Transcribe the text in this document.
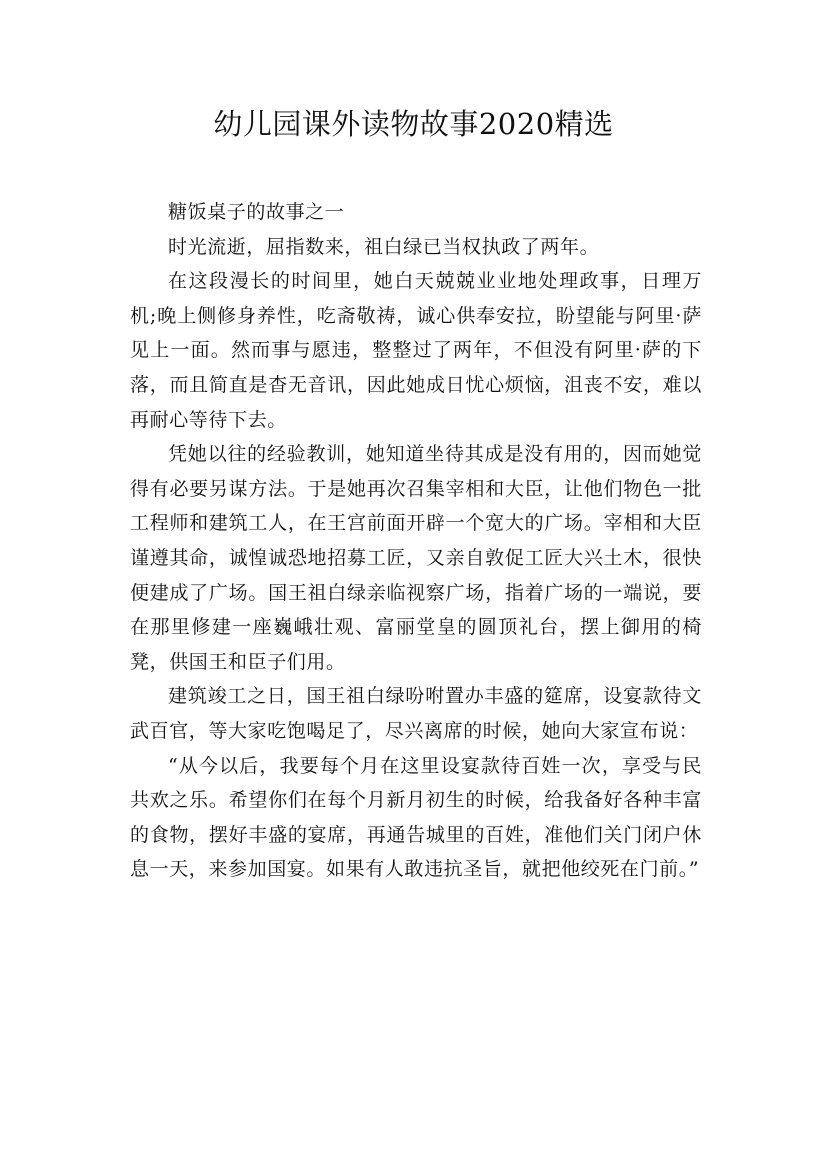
幼儿园课外读物故事2020精选

糖饭桌子的故事之一

时光流逝，屈指数来，祖白绿已当权执政了两年。

在这段漫长的时间里，她白天兢兢业业地处理政事，日理万机;晚上侧修身养性，吃斋敬祷，诚心供奉安拉，盼望能与阿里·萨见上一面。然而事与愿违，整整过了两年，不但没有阿里·萨的下落，而且简直是杳无音讯，因此她成日忧心烦恼，沮丧不安，难以再耐心等待下去。

凭她以往的经验教训，她知道坐待其成是没有用的，因而她觉得有必要另谋方法。于是她再次召集宰相和大臣，让他们物色一批工程师和建筑工人，在王宫前面开辟一个宽大的广场。宰相和大臣谨遵其命，诚惶诚恐地招募工匠，又亲自敦促工匠大兴土木，很快便建成了广场。国王祖白绿亲临视察广场，指着广场的一端说，要在那里修建一座巍峨壮观、富丽堂皇的圆顶礼台，摆上御用的椅凳，供国王和臣子们用。

建筑竣工之日，国王祖白绿吩咐置办丰盛的筵席，设宴款待文武百官，等大家吃饱喝足了，尽兴离席的时候，她向大家宣布说：

“从今以后，我要每个月在这里设宴款待百姓一次，享受与民共欢之乐。希望你们在每个月新月初生的时候，给我备好各种丰富的食物，摆好丰盛的宴席，再通告城里的百姓，准他们关门闭户休息一天，来参加国宴。如果有人敢违抗圣旨，就把他绞死在门前。”
